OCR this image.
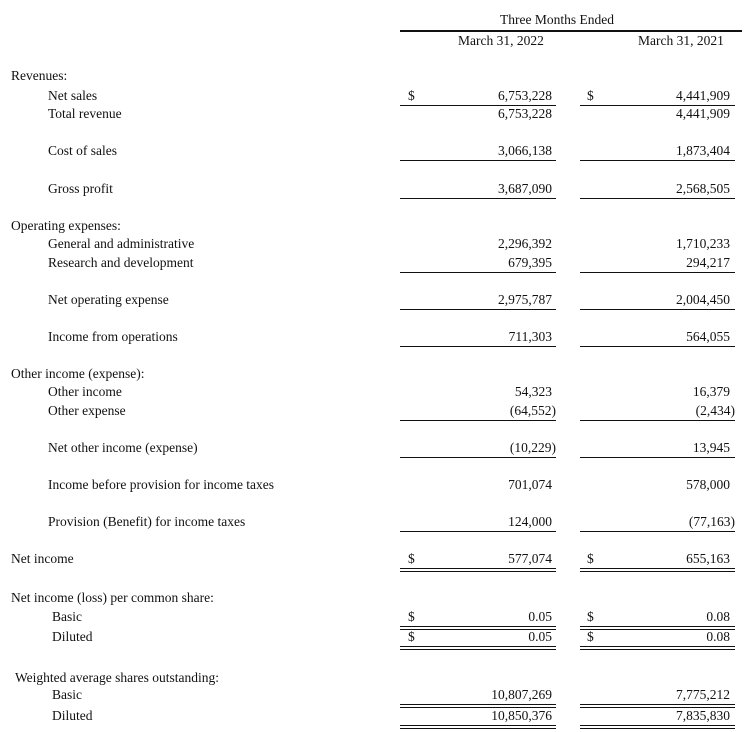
Three Months Ended
March 31, 2022	March 31, 2021
Revenues:
Net sales	$	6,753,228	$	4,441,909
Total revenue	6,753,228	4,441,909
Cost of sales	3,066,138	1,873,404
Gross profit	3,687,090	2,568,505
Operating expenses:
General and administrative	2,296,392	1,710,233
Research and development	679,395	294,217
Net operating expense	2,975,787	2,004,450
Income from operations	711,303	564,055
Other income (expense):
Other income	54,323	16,379
Other expense	(64,552)	(2,434)
Net other income (expense)	(10,229)	13,945
Income before provision for income taxes	701,074	578,000
Provision (Benefit) for income taxes	124,000	(77,163)
Net income	$	577,074	$	655,163
Net income (loss) per common share:
Basic	$	0.05	$	0.08
Diluted	$	0.05	$	0.08
Weighted average shares outstanding:
Basic	10,807,269	7,775,212
Diluted	10,850,376	7,835,830
